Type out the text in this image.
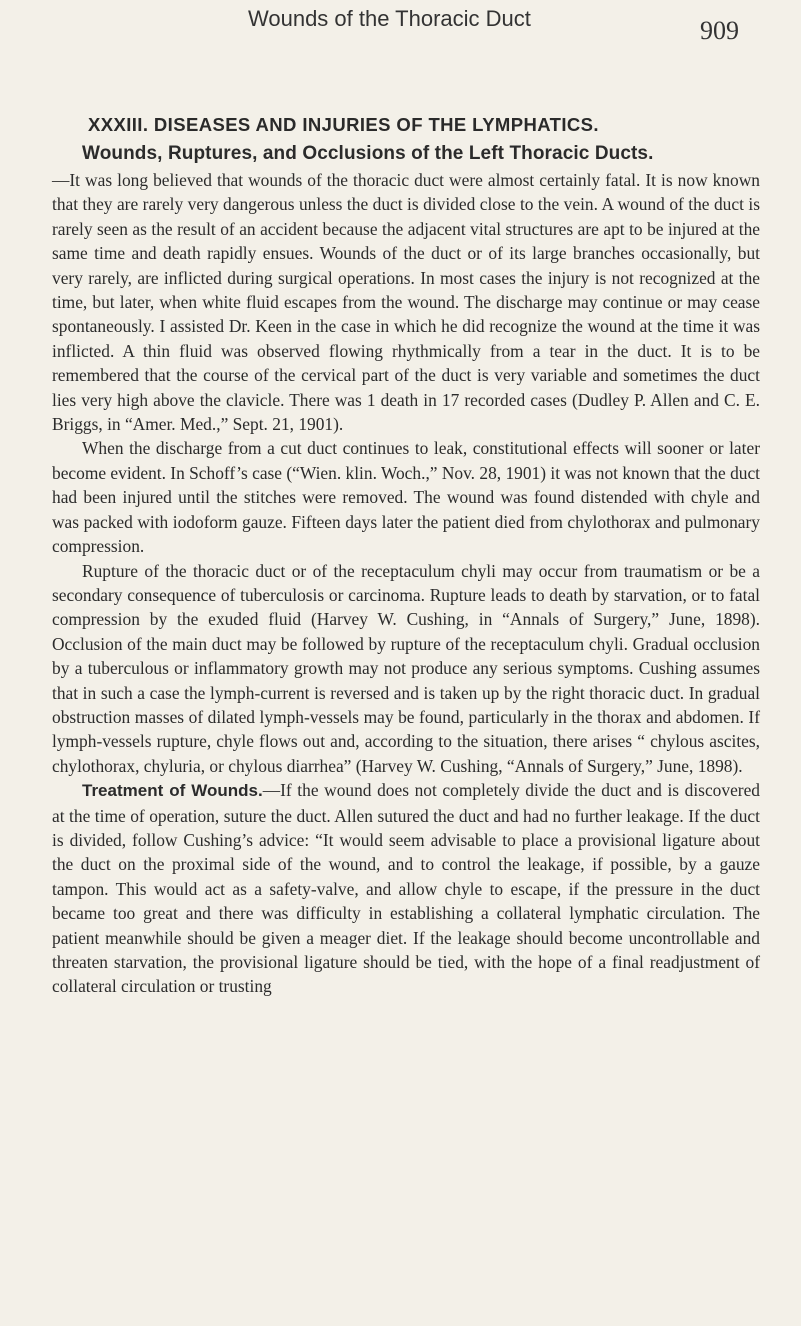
Wounds of the Thoracic Duct	909
XXXIII. DISEASES AND INJURIES OF THE LYMPHATICS.

Wounds, Ruptures, and Occlusions of the Left Thoracic Ducts.
—It was long believed that wounds of the thoracic duct were almost certainly fatal. It is now known that they are rarely very dangerous unless the duct is divided close to the vein. A wound of the duct is rarely seen as the result of an accident because the adjacent vital structures are apt to be injured at the same time and death rapidly ensues. Wounds of the duct or of its large branches occasionally, but very rarely, are inflicted during surgical operations. In most cases the injury is not recognized at the time, but later, when white fluid escapes from the wound. The discharge may continue or may cease spontaneously. I assisted Dr. Keen in the case in which he did recognize the wound at the time it was inflicted. A thin fluid was observed flowing rhythmically from a tear in the duct. It is to be remembered that the course of the cervical part of the duct is very variable and sometimes the duct lies very high above the clavicle. There was 1 death in 17 recorded cases (Dudley P. Allen and C. E. Briggs, in “Amer. Med.,” Sept. 21, 1901).

When the discharge from a cut duct continues to leak, constitutional effects will sooner or later become evident. In Schoff’s case (“Wien. klin. Woch.,” Nov. 28, 1901) it was not known that the duct had been injured until the stitches were removed. The wound was found distended with chyle and was packed with iodoform gauze. Fifteen days later the patient died from chylothorax and pulmonary compression.

Rupture of the thoracic duct or of the receptaculum chyli may occur from traumatism or be a secondary consequence of tuberculosis or carcinoma. Rupture leads to death by starvation, or to fatal compression by the exuded fluid (Harvey W. Cushing, in “Annals of Surgery,” June, 1898). Occlusion of the main duct may be followed by rupture of the receptaculum chyli. Gradual occlusion by a tuberculous or inflammatory growth may not produce any serious symptoms. Cushing assumes that in such a case the lymph-current is reversed and is taken up by the right thoracic duct. In gradual obstruction masses of dilated lymph-vessels may be found, particularly in the thorax and abdomen. If lymph-vessels rupture, chyle flows out and, according to the situation, there arises “ chylous ascites, chylothorax, chyluria, or chylous diarrhea” (Harvey W. Cushing, “Annals of Surgery,” June, 1898).

Treatment of Wounds.—If the wound does not completely divide the duct and is discovered at the time of operation, suture the duct. Allen sutured the duct and had no further leakage. If the duct is divided, follow Cushing’s advice: “It would seem advisable to place a provisional ligature about the duct on the proximal side of the wound, and to control the leakage, if possible, by a gauze tampon. This would act as a safety-valve, and allow chyle to escape, if the pressure in the duct became too great and there was difficulty in establishing a collateral lymphatic circulation. The patient meanwhile should be given a meager diet. If the leakage should become uncontrollable and threaten starvation, the provisional ligature should be tied, with the hope of a final readjustment of collateral circulation or trusting
